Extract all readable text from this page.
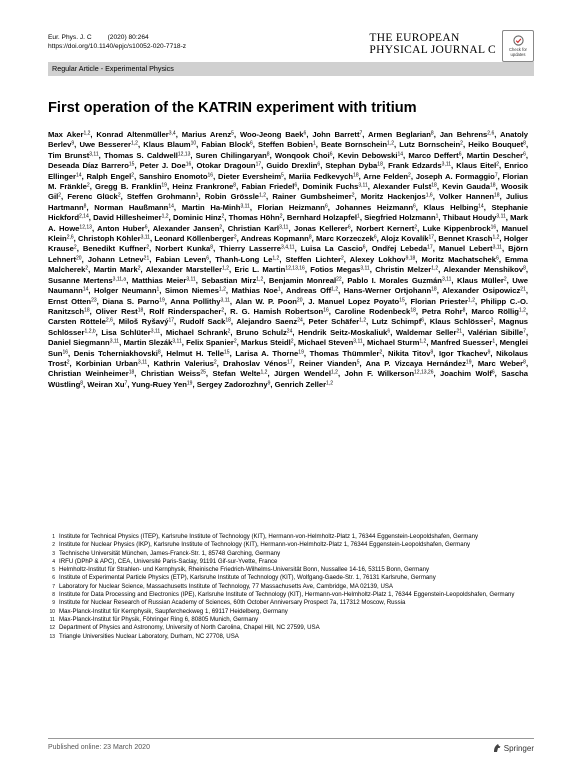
Eur. Phys. J. C (2020) 80:264
https://doi.org/10.1140/epjc/s10052-020-7718-z
THE EUROPEAN
PHYSICAL JOURNAL C	Check for updates
Regular Article - Experimental Physics
First operation of the KATRIN experiment with tritium
Max Aker$^{1,2}$, Konrad Altenmüller$^{3,4}$, Marius Arenz$^5$, Woo-Jeong Baek$^6$, John Barrett$^7$, Armen Beglarian$^8$, Jan Behrens$^{2,6}$, Anatoly Berlev$^9$, Uwe Besserer$^{1,2}$, Klaus Blaum$^{10}$, Fabian Block$^6$, Steffen Bobien$^1$, Beate Bornschein$^{1,2}$, Lutz Bornschein$^2$, Heiko Bouquet$^8$, Tim Brunst$^{3,11}$, Thomas S. Caldwell$^{12,13}$, Suren Chilingaryan$^8$, Wonqook Choi$^6$, Kevin Debowski$^{14}$, Marco Deffert$^6$, Martin Descher$^6$, Deseada Díaz Barrero$^{15}$, Peter J. Doe$^{16}$, Otokar Dragoun$^{17}$, Guido Drexlin$^6$, Stephan Dyba$^{18}$, Frank Edzards$^{3,11}$, Klaus Eitel$^2$, Enrico Ellinger$^{14}$, Ralph Engel$^2$, Sanshiro Enomoto$^{16}$, Dieter Eversheim$^5$, Mariia Fedkevych$^{18}$, Arne Felden$^2$, Joseph A. Formaggio$^7$, Florian M. Fränkle$^2$, Gregg B. Franklin$^{19}$, Heinz Frankrone$^8$, Fabian Friedel$^6$, Dominik Fuchs$^{3,11}$, Alexander Fulst$^{18}$, Kevin Gauda$^{18}$, Woosik Gil$^2$, Ferenc Glück$^2$, Steffen Grohmann$^1$, Robin Grössle$^{1,2}$, Rainer Gumbsheimer$^2$, Moritz Hackenjos$^{1,6}$, Volker Hannen$^{18}$, Julius Hartmann$^8$, Norman Haußmann$^{14}$, Martin Ha-Minh$^{3,11}$, Florian Heizmann$^6$, Johannes Heizmann$^6$, Klaus Helbing$^{14}$, Stephanie Hickford$^{2,14}$, David Hillesheimer$^{1,2}$, Dominic Hinz$^2$, Thomas Höhn$^2$, Bernhard Holzapfel$^1$, Siegfried Holzmann$^1$, Thibaut Houdy$^{3,11}$, Mark A. Howe$^{12,13}$, Anton Huber$^6$, Alexander Jansen$^2$, Christian Karl$^{3,11}$, Jonas Kellerer$^6$, Norbert Kernert$^2$, Luke Kippenbrock$^{16}$, Manuel Klein$^{2,6}$, Christoph Köhler$^{3,11}$, Leonard Köllenberger$^2$, Andreas Kopmann$^8$, Marc Korzeczek$^6$, Alojz Kovalík$^{17}$, Bennet Krasch$^{1,2}$, Holger Krause$^2$, Benedikt Kuffner$^2$, Norbert Kunka$^8$, Thierry Lasserre$^{3,4,11}$, Luisa La Cascio$^6$, Ondřej Lebeda$^{17}$, Manuel Lebert$^{3,11}$, Björn Lehnert$^{20}$, Johann Letnev$^{21}$, Fabian Leven$^6$, Thanh-Long Le$^{1,2}$, Steffen Lichter$^2$, Alexey Lokhov$^{9,18}$, Moritz Machatschek$^6$, Emma Malcherek$^2$, Martin Mark$^2$, Alexander Marsteller$^{1,2}$, Eric L. Martin$^{12,13,16}$, Fotios Megas$^{3,11}$, Christin Melzer$^{1,2}$, Alexander Menshikov$^8$, Susanne Mertens$^{3,11,a}$, Matthias Meier$^{3,11}$, Sebastian Mirz$^{1,2}$, Benjamin Monreal$^{22}$, Pablo I. Morales Guzmán$^{3,11}$, Klaus Müller$^2$, Uwe Naumann$^{14}$, Holger Neumann$^1$, Simon Niemes$^{1,2}$, Mathias Noe$^1$, Andreas Off$^{1,2}$, Hans-Werner Ortjohann$^{18}$, Alexander Osipowicz$^{21}$, Ernst Otten$^{23}$, Diana S. Parno$^{19}$, Anna Pollithy$^{3,11}$, Alan W. P. Poon$^{20}$, J. Manuel Lopez Poyato$^{15}$, Florian Priester$^{1,2}$, Philipp C.-O. Ranitzsch$^{18}$, Oliver Rest$^{18}$, Rolf Rinderspacher$^2$, R. G. Hamish Robertson$^{16}$, Caroline Rodenbeck$^{18}$, Petra Rohr$^8$, Marco Röllig$^{1,2}$, Carsten Röttele$^{2,6}$, Miloš Ryšavý$^{17}$, Rudolf Sack$^{18}$, Alejandro Saenz$^{24}$, Peter Schäfer$^{1,2}$, Lutz Schimpf$^6$, Klaus Schlösser$^2$, Magnus Schlösser$^{1,2,b}$, Lisa Schlüter$^{3,11}$, Michael Schrank$^2$, Bruno Schulz$^{24}$, Hendrik Seitz-Moskaliuk$^6$, Waldemar Seller$^{21}$, Valérian Sibille$^7$, Daniel Siegmann$^{3,11}$, Martin Slezák$^{3,11}$, Felix Spanier$^2$, Markus Steidl$^2$, Michael Steven$^{3,11}$, Michael Sturm$^{1,2}$, Manfred Suesser$^1$, Menglei Sun$^{16}$, Denis Tcherniakhovski$^8$, Helmut H. Telle$^{15}$, Larisa A. Thorne$^{19}$, Thomas Thümmler$^2$, Nikita Titov$^9$, Igor Tkachev$^9$, Nikolaus Trost$^2$, Korbinian Urban$^{3,11}$, Kathrin Valerius$^2$, Drahoslav Vénos$^{17}$, Reiner Vianden$^5$, Ana P. Vizcaya Hernández$^{19}$, Marc Weber$^8$, Christian Weinheimer$^{18}$, Christian Weiss$^{25}$, Stefan Welte$^{1,2}$, Jürgen Wendel$^{1,2}$, John F. Wilkerson$^{12,13,26}$, Joachim Wolf$^6$, Sascha Wüstling$^8$, Weiran Xu$^7$, Yung-Ruey Yen$^{19}$, Sergey Zadorozhny$^9$, Genrich Zeller$^{1,2}$
1 Institute for Technical Physics (ITEP), Karlsruhe Institute of Technology (KIT), Hermann-von-Helmholtz-Platz 1, 76344 Eggenstein-Leopoldshafen, Germany
2 Institute for Nuclear Physics (IKP), Karlsruhe Institute of Technology (KIT), Hermann-von-Helmholtz-Platz 1, 76344 Eggenstein-Leopoldshafen, Germany
3 Technische Universität München, James-Franck-Str. 1, 85748 Garching, Germany
4 IRFU (DPhP & APC), CEA, Université Paris-Saclay, 91191 Gif-sur-Yvette, France
5 Helmholtz-Institut für Strahlen- und Kernphysik, Rheinische Friedrich-Wilhelms-Universität Bonn, Nussallee 14-16, 53115 Bonn, Germany
6 Institute of Experimental Particle Physics (ETP), Karlsruhe Institute of Technology (KIT), Wolfgang-Gaede-Str. 1, 76131 Karlsruhe, Germany
7 Laboratory for Nuclear Science, Massachusetts Institute of Technology, 77 Massachusetts Ave, Cambridge, MA 02139, USA
8 Institute for Data Processing and Electronics (IPE), Karlsruhe Institute of Technology (KIT), Hermann-von-Helmholtz-Platz 1, 76344 Eggenstein-Leopoldshafen, Germany
9 Institute for Nuclear Research of Russian Academy of Sciences, 60th October Anniversary Prospect 7a, 117312 Moscow, Russia
10 Max-Planck-Institut für Kernphysik, Saupfercheckweg 1, 69117 Heidelberg, Germany
11 Max-Planck-Institut für Physik, Föhringer Ring 6, 80805 Munich, Germany
12 Department of Physics and Astronomy, University of North Carolina, Chapel Hill, NC 27599, USA
13 Triangle Universities Nuclear Laboratory, Durham, NC 27708, USA
Published online: 23 March 2020	Springer
